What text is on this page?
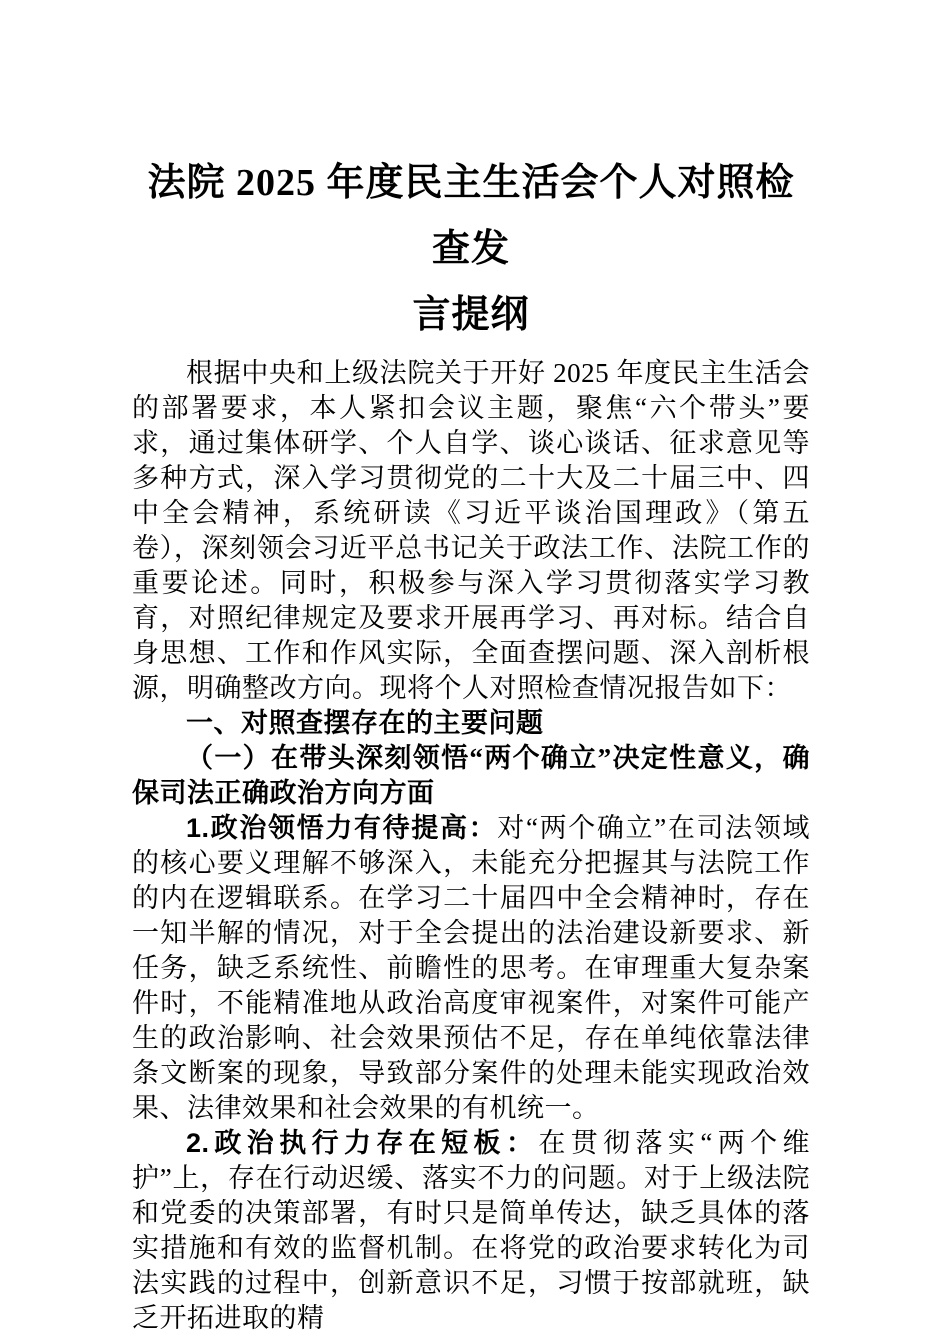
法院 2025 年度民主生活会个人对照检查发
言提纲

根据中央和上级法院关于开好 2025 年度民主生活会的部署要求，本人紧扣会议主题，聚焦“六个带头”要求，通过集体研学、个人自学、谈心谈话、征求意见等多种方式，深入学习贯彻党的二十大及二十届三中、四中全会精神，系统研读《习近平谈治国理政》（第五卷），深刻领会习近平总书记关于政法工作、法院工作的重要论述。同时，积极参与深入学习贯彻落实学习教育，对照纪律规定及要求开展再学习、再对标。结合自身思想、工作和作风实际，全面查摆问题、深入剖析根源，明确整改方向。现将个人对照检查情况报告如下：

一、对照查摆存在的主要问题
（一）在带头深刻领悟“两个确立”决定性意义，确保司法正确政治方向方面

1.政治领悟力有待提高：对“两个确立”在司法领域的核心要义理解不够深入，未能充分把握其与法院工作的内在逻辑联系。在学习二十届四中全会精神时，存在一知半解的情况，对于全会提出的法治建设新要求、新任务，缺乏系统性、前瞻性的思考。在审理重大复杂案件时，不能精准地从政治高度审视案件，对案件可能产生的政治影响、社会效果预估不足，存在单纯依靠法律条文断案的现象，导致部分案件的处理未能实现政治效果、法律效果和社会效果的有机统一。

2.政治执行力存在短板：在贯彻落实“两个维护”上，存在行动迟缓、落实不力的问题。对于上级法院和党委的决策部署，有时只是简单传达，缺乏具体的落实措施和有效的监督机制。在将党的政治要求转化为司法实践的过程中，创新意识不足，习惯于按部就班，缺乏开拓进取的精
